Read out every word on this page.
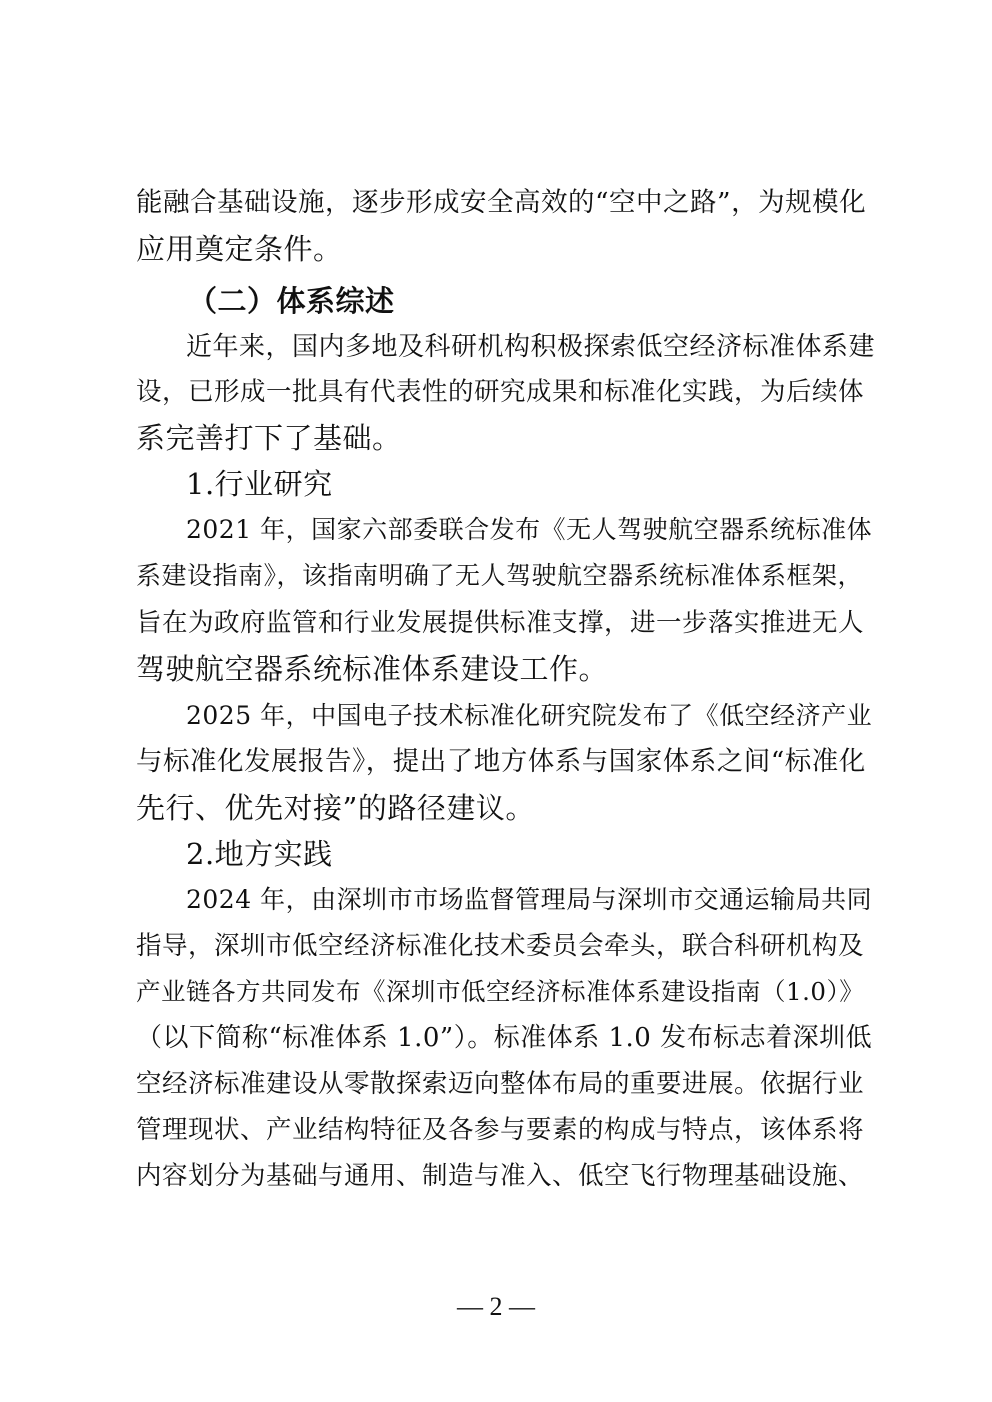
能融合基础设施，逐步形成安全高效的“空中之路”，为规模化
应用奠定条件。
（二）体系综述
近年来，国内多地及科研机构积极探索低空经济标准体系建
设，已形成一批具有代表性的研究成果和标准化实践，为后续体
系完善打下了基础。
1.行业研究
2021 年，国家六部委联合发布《无人驾驶航空器系统标准体
系建设指南》，该指南明确了无人驾驶航空器系统标准体系框架，
旨在为政府监管和行业发展提供标准支撑，进一步落实推进无人
驾驶航空器系统标准体系建设工作。
2025 年，中国电子技术标准化研究院发布了《低空经济产业
与标准化发展报告》，提出了地方体系与国家体系之间“标准化
先行、优先对接”的路径建议。
2.地方实践
2024 年，由深圳市市场监督管理局与深圳市交通运输局共同
指导，深圳市低空经济标准化技术委员会牵头，联合科研机构及
产业链各方共同发布《深圳市低空经济标准体系建设指南（1.0）》
（以下简称“标准体系 1.0”）。标准体系 1.0 发布标志着深圳低
空经济标准建设从零散探索迈向整体布局的重要进展。依据行业
管理现状、产业结构特征及各参与要素的构成与特点，该体系将
内容划分为基础与通用、制造与准入、低空飞行物理基础设施、
— 2 —
